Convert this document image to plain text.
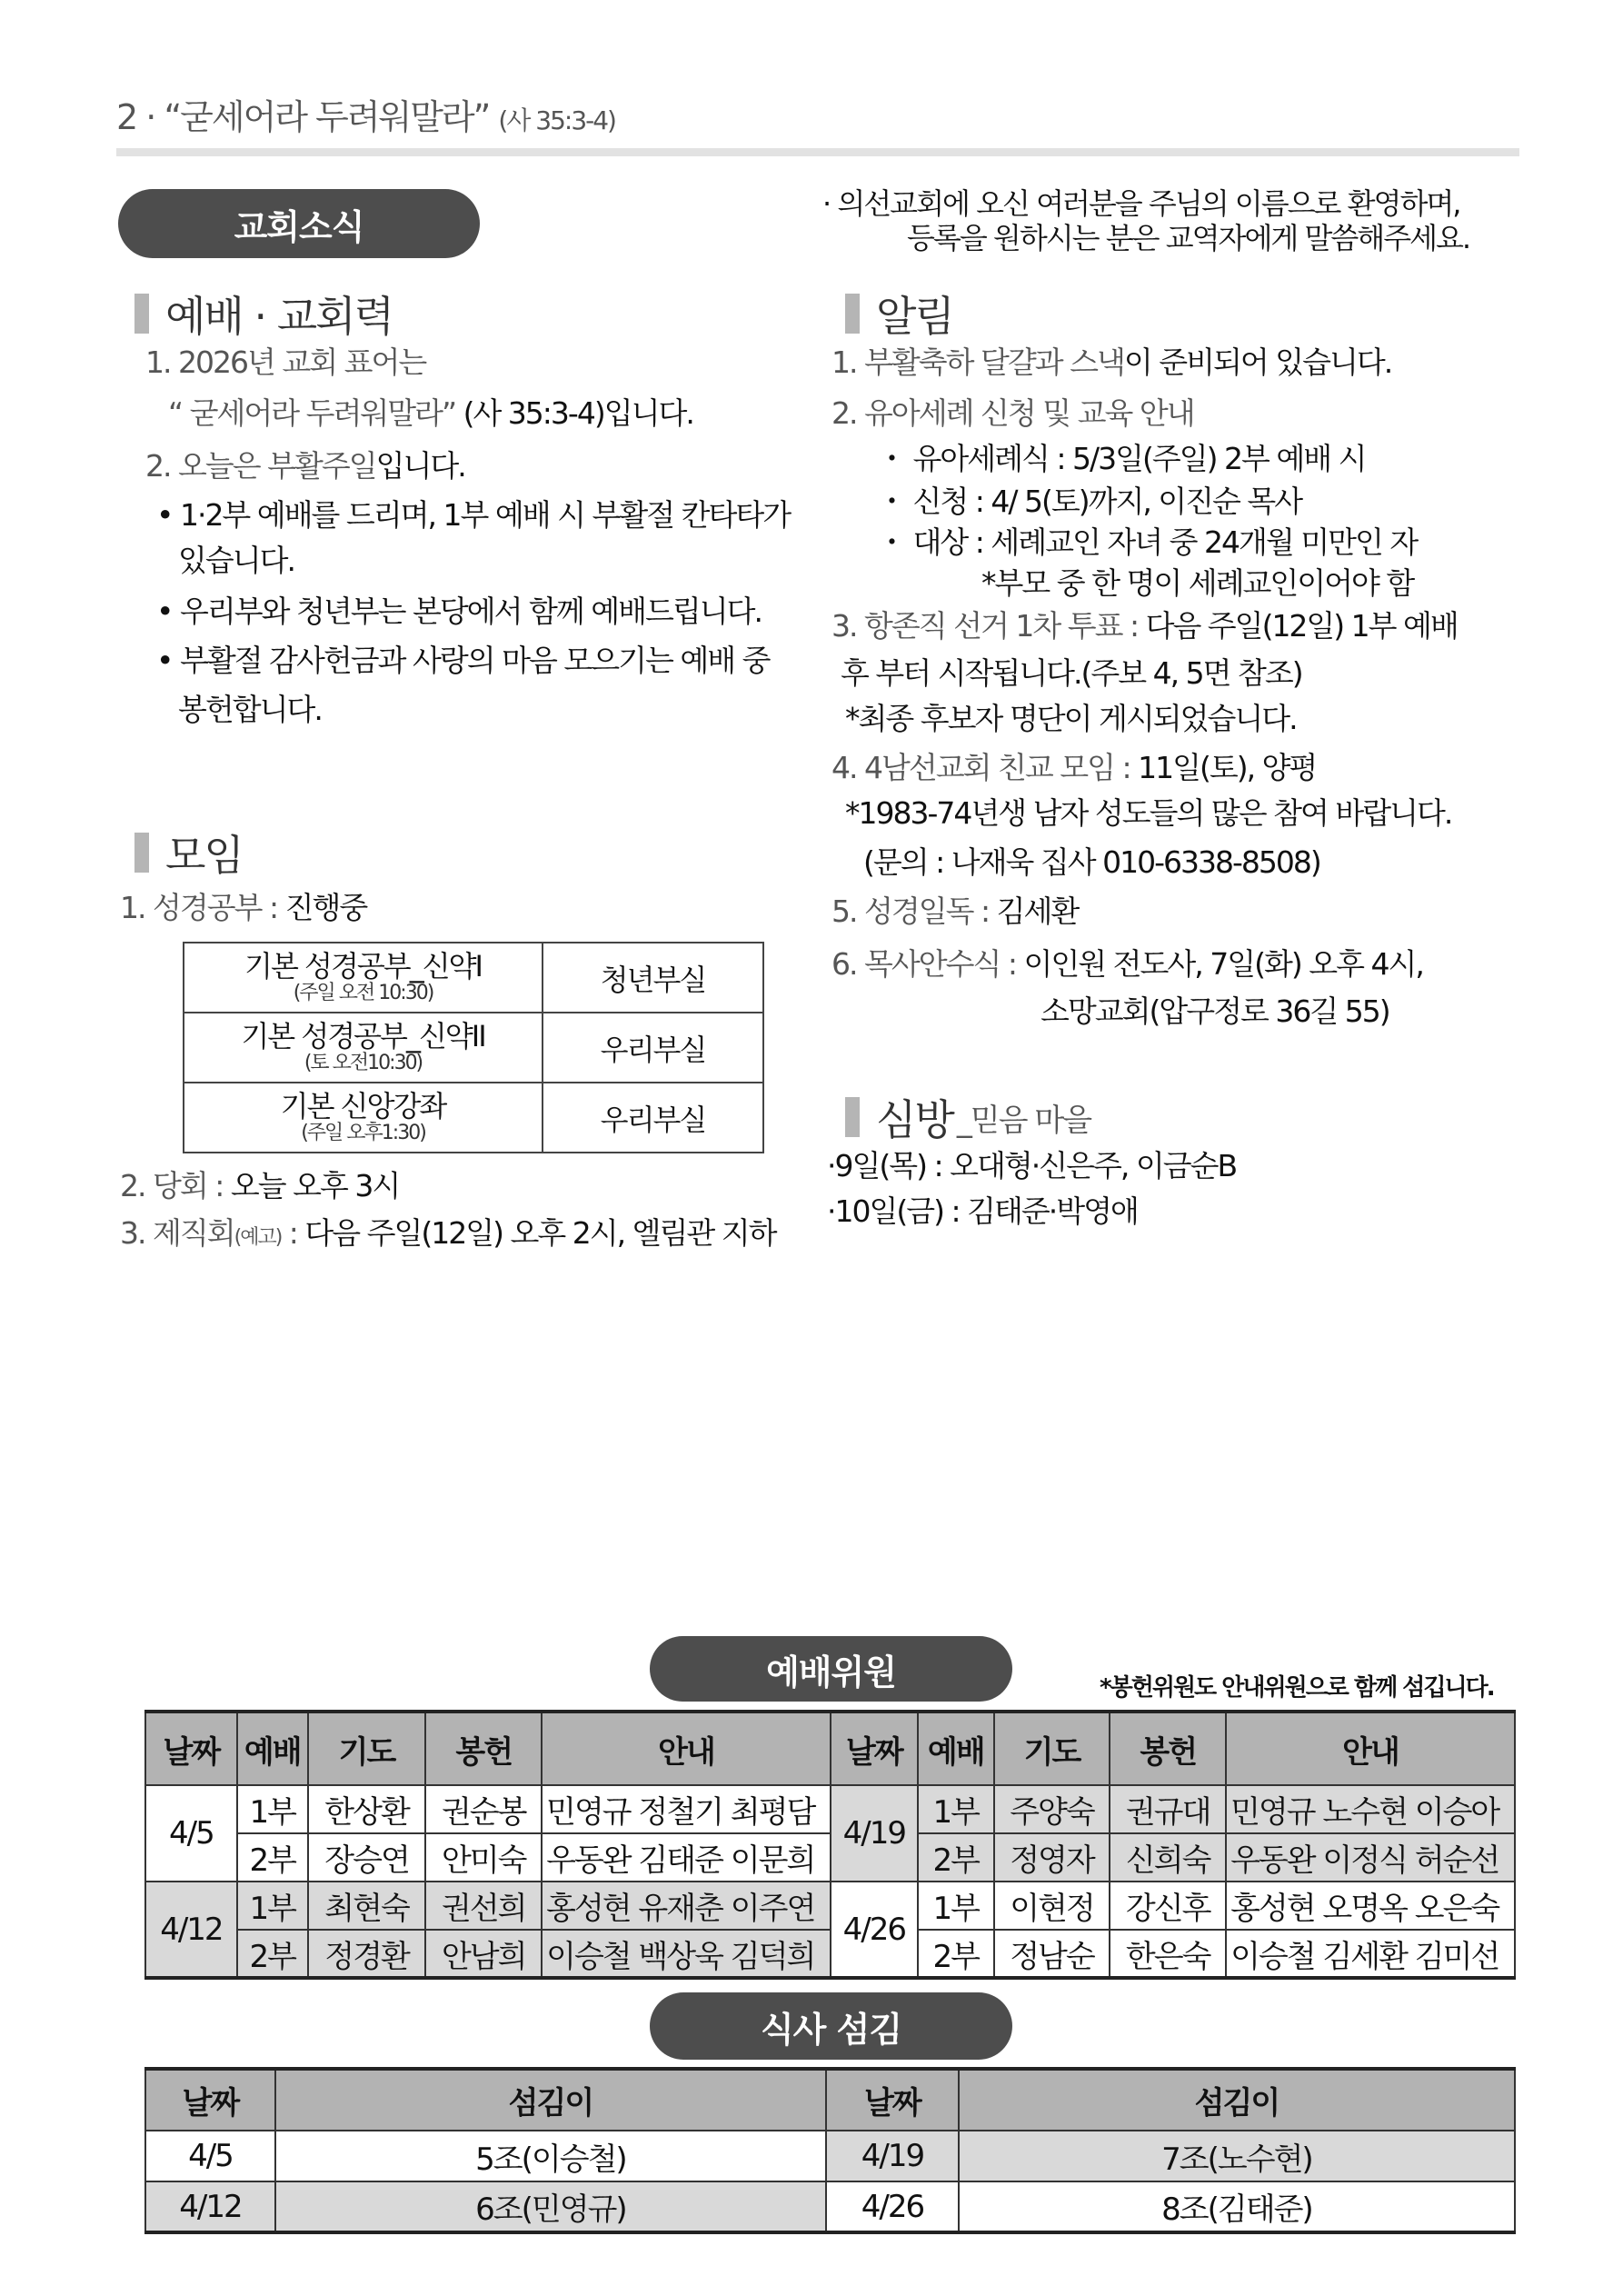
2 · “굳세어라 두려워말라” (사 35:3-4)
교회소식
· 의선교회에 오신 여러분을 주님의 이름으로 환영하며,
등록을 원하시는 분은 교역자에게 말씀해주세요.
예배 · 교회력
1. 2026년 교회 표어는
“ 굳세어라 두려워말라” (사 35:3-4)입니다.
2. 오늘은 부활주일입니다.
• 1·2부 예배를 드리며, 1부 예배 시 부활절 칸타타가
있습니다.
• 우리부와 청년부는 본당에서 함께 예배드립니다.
• 부활절 감사헌금과 사랑의 마음 모으기는 예배 중
봉헌합니다.
모임
1. 성경공부 : 진행중
기본 성경공부_신약I
(주일 오전 10:30)	청년부실
기본 성경공부_신약II
(토 오전10:30)	우리부실
기본 신앙강좌
(주일 오후1:30)	우리부실
2. 당회 : 오늘 오후 3시
3. 제직회(예고) : 다음 주일(12일) 오후 2시, 엘림관 지하
알림
1. 부활축하 달걀과 스낵이 준비되어 있습니다.
2. 유아세례 신청 및 교육 안내
・ 유아세례식 : 5/3일(주일) 2부 예배 시
・ 신청 : 4/ 5(토)까지, 이진순 목사
・ 대상 : 세례교인 자녀 중 24개월 미만인 자
*부모 중 한 명이 세례교인이어야 함
3. 항존직 선거 1차 투표 : 다음 주일(12일) 1부 예배
후 부터 시작됩니다.(주보 4, 5면 참조)
*최종 후보자 명단이 게시되었습니다.
4. 4남선교회 친교 모임 : 11일(토), 양평
*1983-74년생 남자 성도들의 많은 참여 바랍니다.
(문의 : 나재욱 집사 010-6338-8508)
5. 성경일독 : 김세환
6. 목사안수식 : 이인원 전도사, 7일(화) 오후 4시,
소망교회(압구정로 36길 55)
심방 _믿음 마을
·9일(목) : 오대형·신은주, 이금순B
·10일(금) : 김태준·박영애
예배위원	*봉헌위원도 안내위원으로 함께 섬깁니다.
날짜	예배	기도	봉헌	안내	날짜	예배	기도	봉헌	안내
4/5	1부	한상환	권순봉	민영규 정철기 최평담	4/19	1부	주양숙	권규대	민영규 노수현 이승아
	2부	장승연	안미숙	우동완 김태준 이문희		2부	정영자	신희숙	우동완 이정식 허순선
4/12	1부	최현숙	권선희	홍성현 유재춘 이주연	4/26	1부	이현정	강신후	홍성현 오명옥 오은숙
	2부	정경환	안남희	이승철 백상욱 김덕희		2부	정남순	한은숙	이승철 김세환 김미선
식사 섬김
날짜	섬김이	날짜	섬김이
4/5	5조(이승철)	4/19	7조(노수현)
4/12	6조(민영규)	4/26	8조(김태준)
